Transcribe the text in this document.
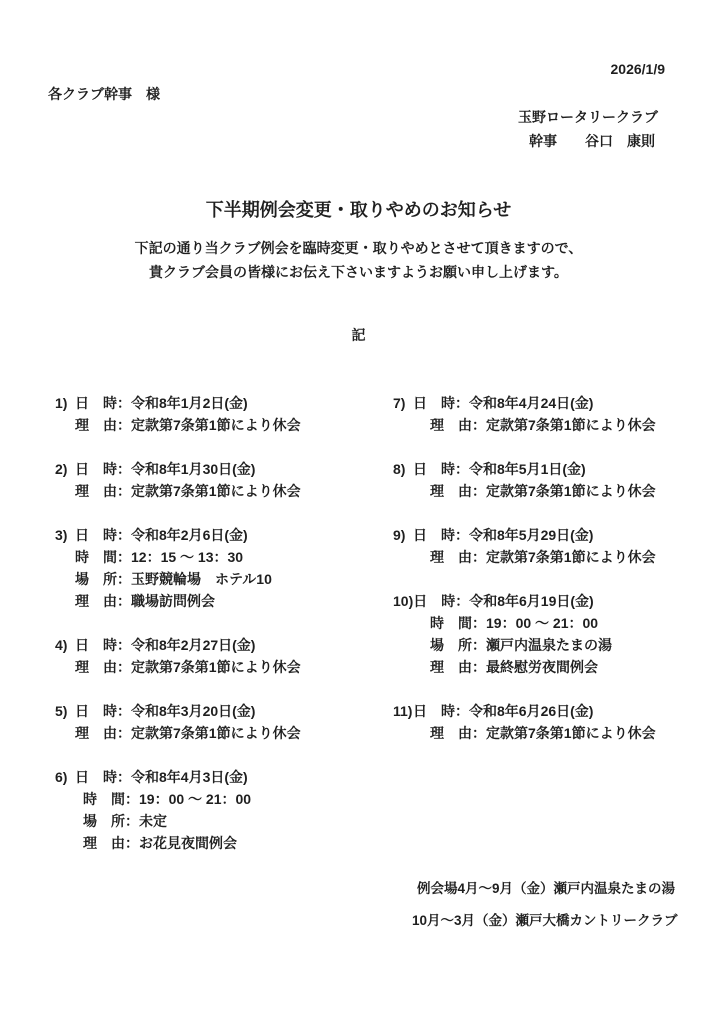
2026/1/9
各クラブ幹事　様
玉野ロータリークラブ
幹事　　谷口　康則
下半期例会変更・取りやめのお知らせ
下記の通り当クラブ例会を臨時変更・取りやめとさせて頂きますので、
貴クラブ会員の皆様にお伝え下さいますようお願い申し上げます。
記
1) 日　時：令和8年1月2日(金)
理　由：定款第7条第1節により休会
2) 日　時：令和8年1月30日(金)
理　由：定款第7条第1節により休会
3) 日　時：令和8年2月6日(金)
時　間：12：15 ～ 13：30
場　所：玉野競輪場　ホテル10
理　由：職場訪問例会
4) 日　時：令和8年2月27日(金)
理　由：定款第7条第1節により休会
5) 日　時：令和8年3月20日(金)
理　由：定款第7条第1節により休会
6) 日　時：令和8年4月3日(金)
時　間：19：00 ～ 21：00
場　所：未定
理　由：お花見夜間例会
7) 日　時：令和8年4月24日(金)
理　由：定款第7条第1節により休会
8) 日　時：令和8年5月1日(金)
理　由：定款第7条第1節により休会
9) 日　時：令和8年5月29日(金)
理　由：定款第7条第1節により休会
10)日　時：令和8年6月19日(金)
時　間：19：00 ～ 21：00
場　所：瀬戸内温泉たまの湯
理　由：最終慰労夜間例会
11)日　時：令和8年6月26日(金)
理　由：定款第7条第1節により休会
例会場4月～9月（金）瀬戸内温泉たまの湯
10月～3月（金）瀬戸大橋カントリークラブ
